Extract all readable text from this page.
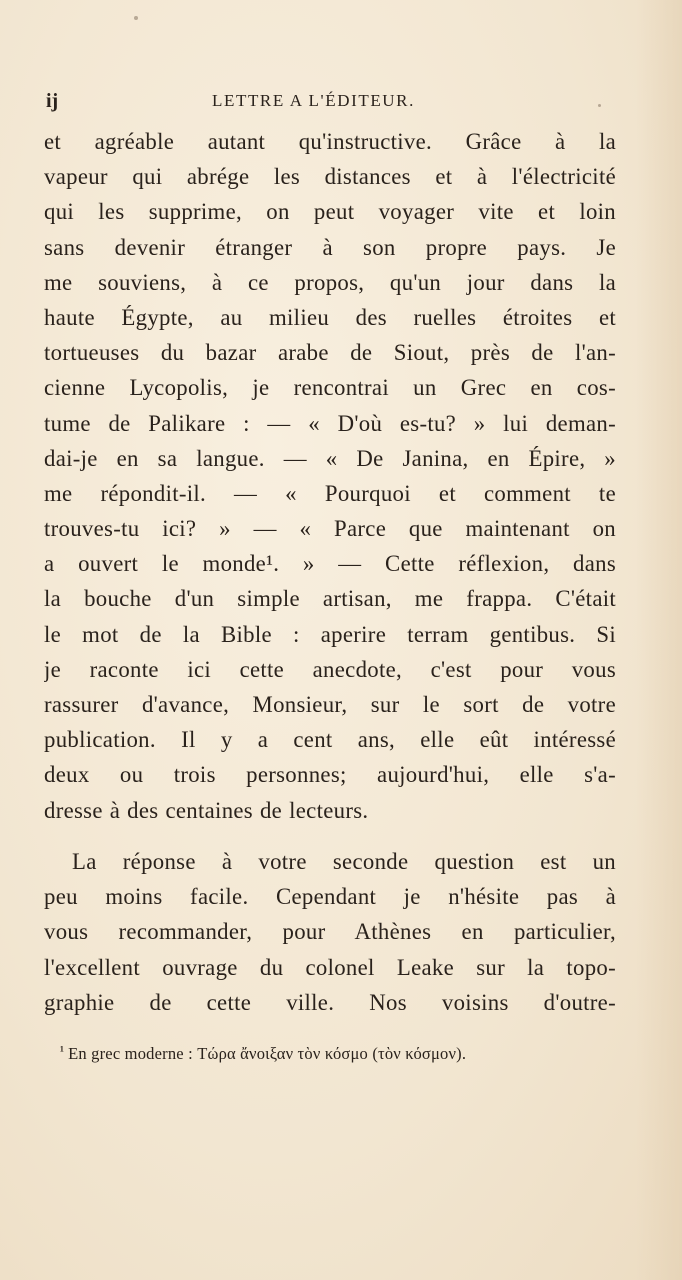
ij	LETTRE A L'ÉDITEUR.
et agréable autant qu'instructive. Grâce à la
vapeur qui abrége les distances et à l'électricité
qui les supprime, on peut voyager vite et loin
sans devenir étranger à son propre pays. Je
me souviens, à ce propos, qu'un jour dans la
haute Égypte, au milieu des ruelles étroites et
tortueuses du bazar arabe de Siout, près de l'an-
cienne Lycopolis, je rencontrai un Grec en cos-
tume de Palikare : — « D'où es-tu? » lui deman-
dai-je en sa langue. — « De Janina, en Épire, »
me répondit-il. — « Pourquoi et comment te
trouves-tu ici? » — « Parce que maintenant on
a ouvert le monde¹. » — Cette réflexion, dans
la bouche d'un simple artisan, me frappa. C'était
le mot de la Bible : aperire terram gentibus. Si
je raconte ici cette anecdote, c'est pour vous
rassurer d'avance, Monsieur, sur le sort de votre
publication. Il y a cent ans, elle eût intéressé
deux ou trois personnes; aujourd'hui, elle s'a-
dresse à des centaines de lecteurs.
La réponse à votre seconde question est un
peu moins facile. Cependant je n'hésite pas à
vous recommander, pour Athènes en particulier,
l'excellent ouvrage du colonel Leake sur la topo-
graphie de cette ville. Nos voisins d'outre-
$^{^1}$ En grec moderne : Τώρα ἄνοιξαν τὸν κόσμο (τὸν κόσμον).
